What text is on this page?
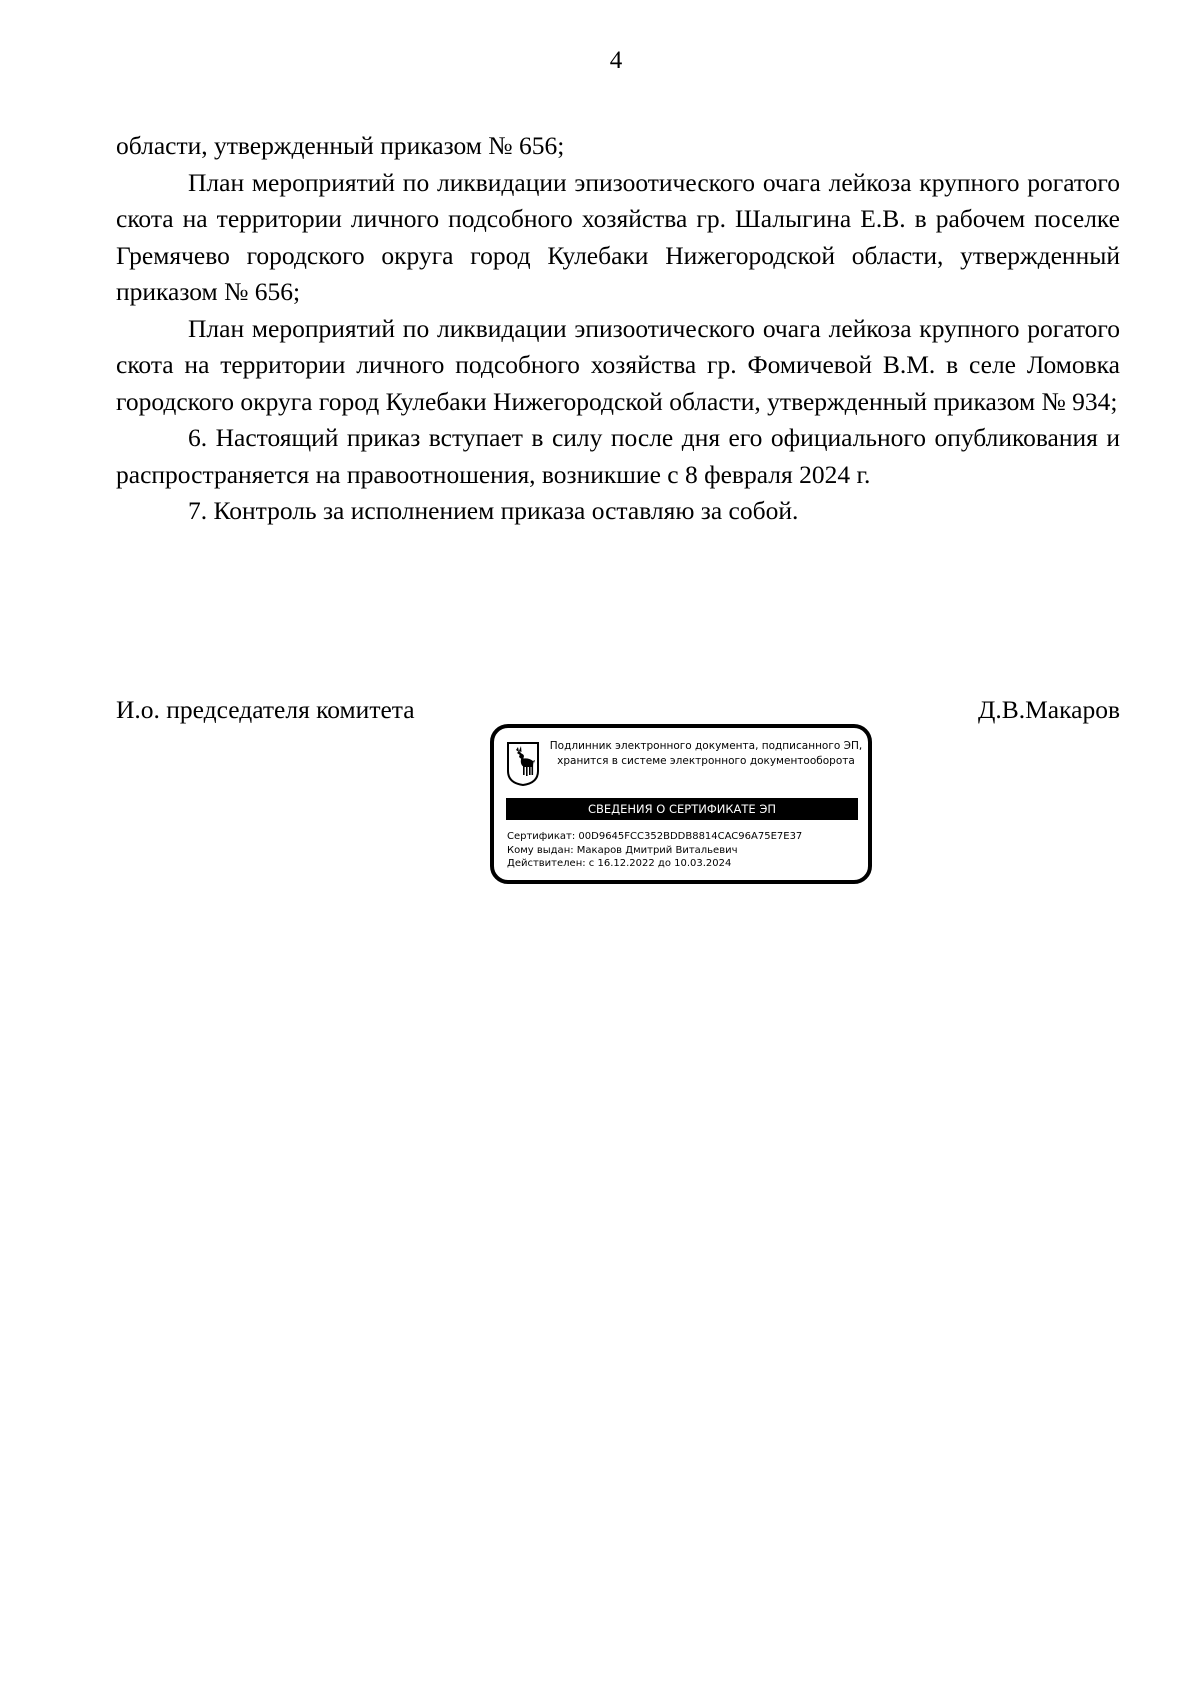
4

области, утвержденный приказом № 656;

План мероприятий по ликвидации эпизоотического очага лейкоза крупного рогатого скота на территории личного подсобного хозяйства гр. Шалыгина Е.В. в рабочем поселке Гремячево городского округа город Кулебаки Нижегородской области, утвержденный приказом № 656;

План мероприятий по ликвидации эпизоотического очага лейкоза крупного рогатого скота на территории личного подсобного хозяйства гр. Фомичевой В.М. в селе Ломовка городского округа город Кулебаки Нижегородской области, утвержденный приказом № 934;

6. Настоящий приказ вступает в силу после дня его официального опубликования и распространяется на правоотношения, возникшие с 8 февраля 2024 г.

7. Контроль за исполнением приказа оставляю за собой.

И.о. председателя комитета	Д.В.Макаров
Подлинник электронного документа, подписанного ЭП,
хранится в системе электронного документооборота
СВЕДЕНИЯ О СЕРТИФИКАТЕ ЭП
Сертификат: 00D9645FCC352BDDB8814CAC96A75E7E37
Кому выдан: Макаров Дмитрий Витальевич
Действителен: с 16.12.2022 до 10.03.2024
